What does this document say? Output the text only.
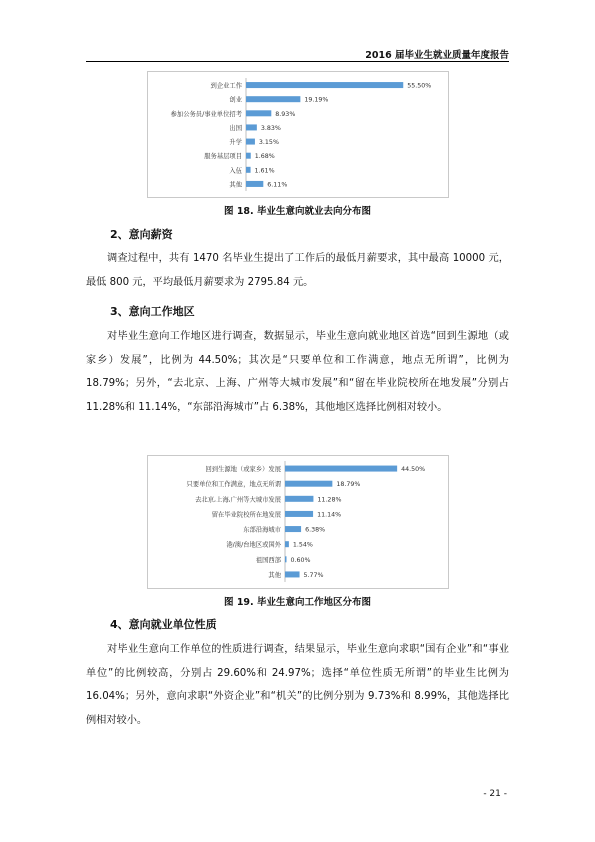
2016 届毕业生就业质量年度报告
到企业工作	55.50%
创业	19.19%
参加公务员/事业单位招考	8.93%
出国	3.83%
升学	3.15%
服务基层项目 1.68%
入伍 1.61%
其他	6.11%
图 18. 毕业生意向就业去向分布图
2、意向薪资

调查过程中，共有 1470 名毕业生提出了工作后的最低月薪要求，其中最高 10000 元，最低 800 元，平均最低月薪要求为 2795.84 元。

3、意向工作地区

对毕业生意向工作地区进行调查，数据显示，毕业生意向就业地区首选“回到生源地（或家乡）发展”，比例为 44.50%；其次是“只要单位和工作满意，地点无所谓”，比例为 18.79%；另外，“去北京、上海、广州等大城市发展”和“留在毕业院校所在地发展”分别占 11.28%和 11.14%，“东部沿海城市”占 6.38%，其他地区选择比例相对较小。

回到生源地（或家乡）发展	44.50%
只要单位和工作满意，地点无所谓	18.79%
去北京,上海,广州等大城市发展	11.28%
留在毕业院校所在地发展	11.14%
东部沿海城市	6.38%
港/澳/台地区或国外 1.54%
祖国西部 0.60%
其他	5.77%
图 19. 毕业生意向工作地区分布图
4、意向就业单位性质

对毕业生意向工作单位的性质进行调查，结果显示，毕业生意向求职“国有企业”和“事业单位”的比例较高，分别占 29.60%和 24.97%；选择“单位性质无所谓”的毕业生比例为 16.04%；另外，意向求职“外资企业”和“机关”的比例分别为 9.73%和 8.99%，其他选择比例相对较小。

- 21 -
